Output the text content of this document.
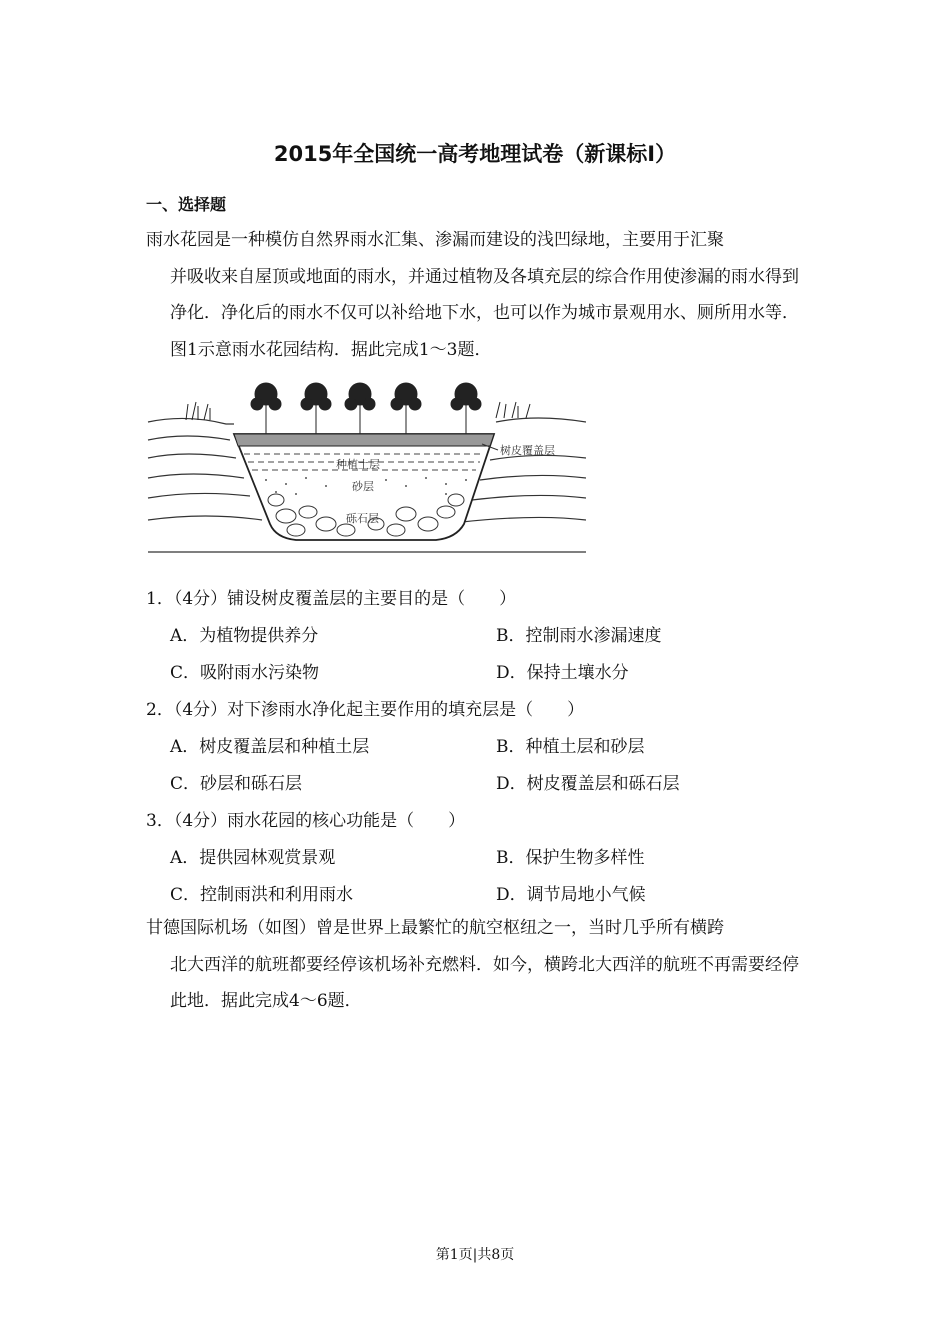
2015年全国统一高考地理试卷（新课标Ⅰ）
一、选择题
雨水花园是一种模仿自然界雨水汇集、渗漏而建设的浅凹绿地，主要用于汇聚
并吸收来自屋顶或地面的雨水，并通过植物及各填充层的综合作用使渗漏的雨水得到净化．净化后的雨水不仅可以补给地下水，也可以作为城市景观用水、厕所用水等．图1示意雨水花园结构．据此完成1～3题．
树皮覆盖层
种植土层
砂层
砾石层
1．（4分）铺设树皮覆盖层的主要目的是（　　）
A．为植物提供养分	B．控制雨水渗漏速度
C．吸附雨水污染物	D．保持土壤水分
2．（4分）对下渗雨水净化起主要作用的填充层是（　　）
A．树皮覆盖层和种植土层	B．种植土层和砂层
C．砂层和砾石层	D．树皮覆盖层和砾石层
3．（4分）雨水花园的核心功能是（　　）
A．提供园林观赏景观	B．保护生物多样性
C．控制雨洪和利用雨水	D．调节局地小气候
甘德国际机场（如图）曾是世界上最繁忙的航空枢纽之一，当时几乎所有横跨
北大西洋的航班都要经停该机场补充燃料．如今，横跨北大西洋的航班不再需要经停此地．据此完成4～6题．
第1页|共8页
